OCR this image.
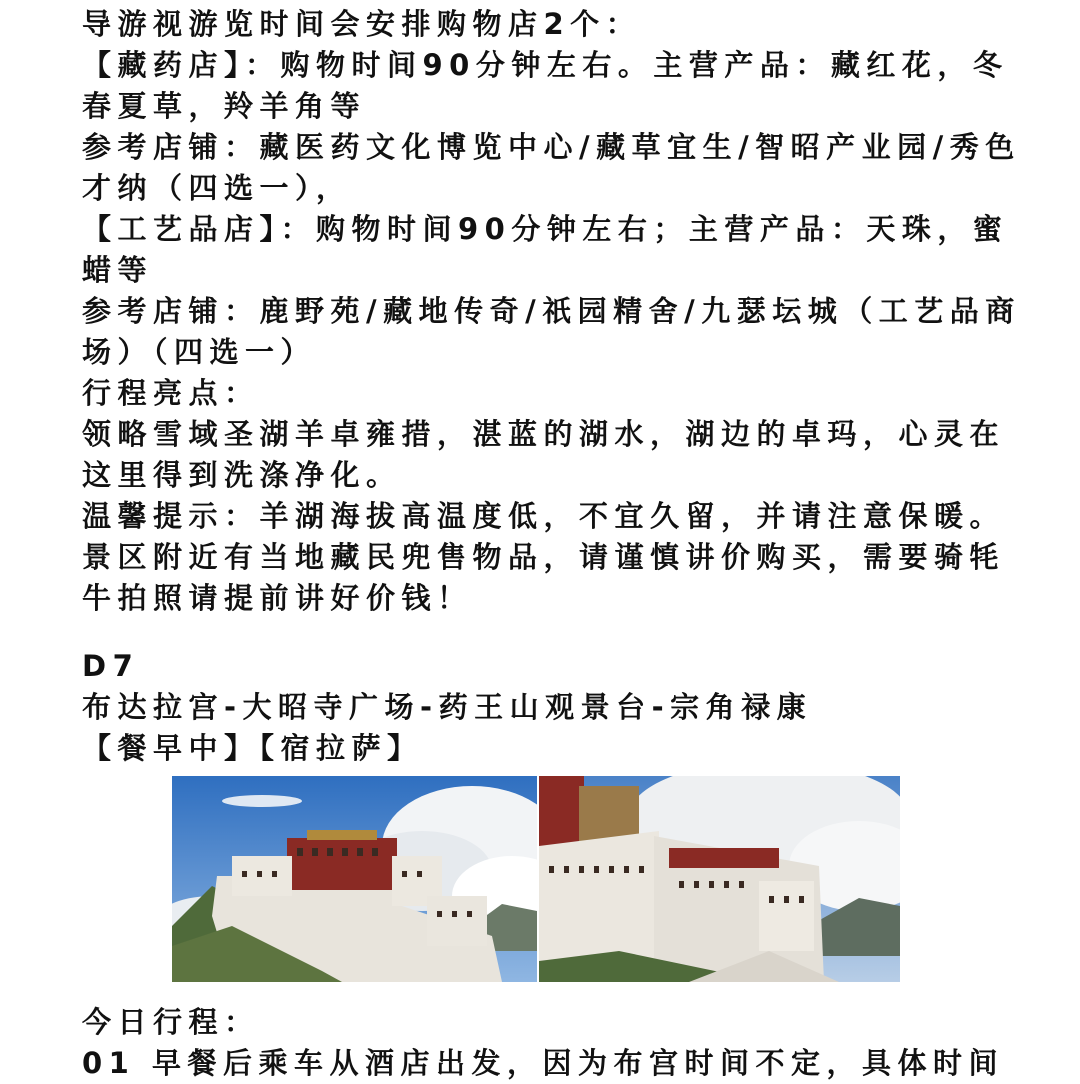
导游视游览时间会安排购物店2个：

【藏药店】：购物时间90分钟左右。主营产品：藏红花，冬

春夏草，羚羊角等

参考店铺：藏医药文化博览中心/藏草宜生/智昭产业园/秀色

才纳（四选一），

【工艺品店】：购物时间90分钟左右；主营产品：天珠，蜜

蜡等

参考店铺：鹿野苑/藏地传奇/祇园精舍/九瑟坛城（工艺品商

场）（四选一）

行程亮点：

领略雪域圣湖羊卓雍措，湛蓝的湖水，湖边的卓玛，心灵在

这里得到洗涤净化。

温馨提示：羊湖海拔高温度低，不宜久留，并请注意保暖。

景区附近有当地藏民兜售物品，请谨慎讲价购买，需要骑牦

牛拍照请提前讲好价钱！

D7

布达拉宫-大昭寺广场-药王山观景台-宗角禄康

【餐早中】【宿拉萨】

今日行程：

01 早餐后乘车从酒店出发，因为布宫时间不定，具体时间
